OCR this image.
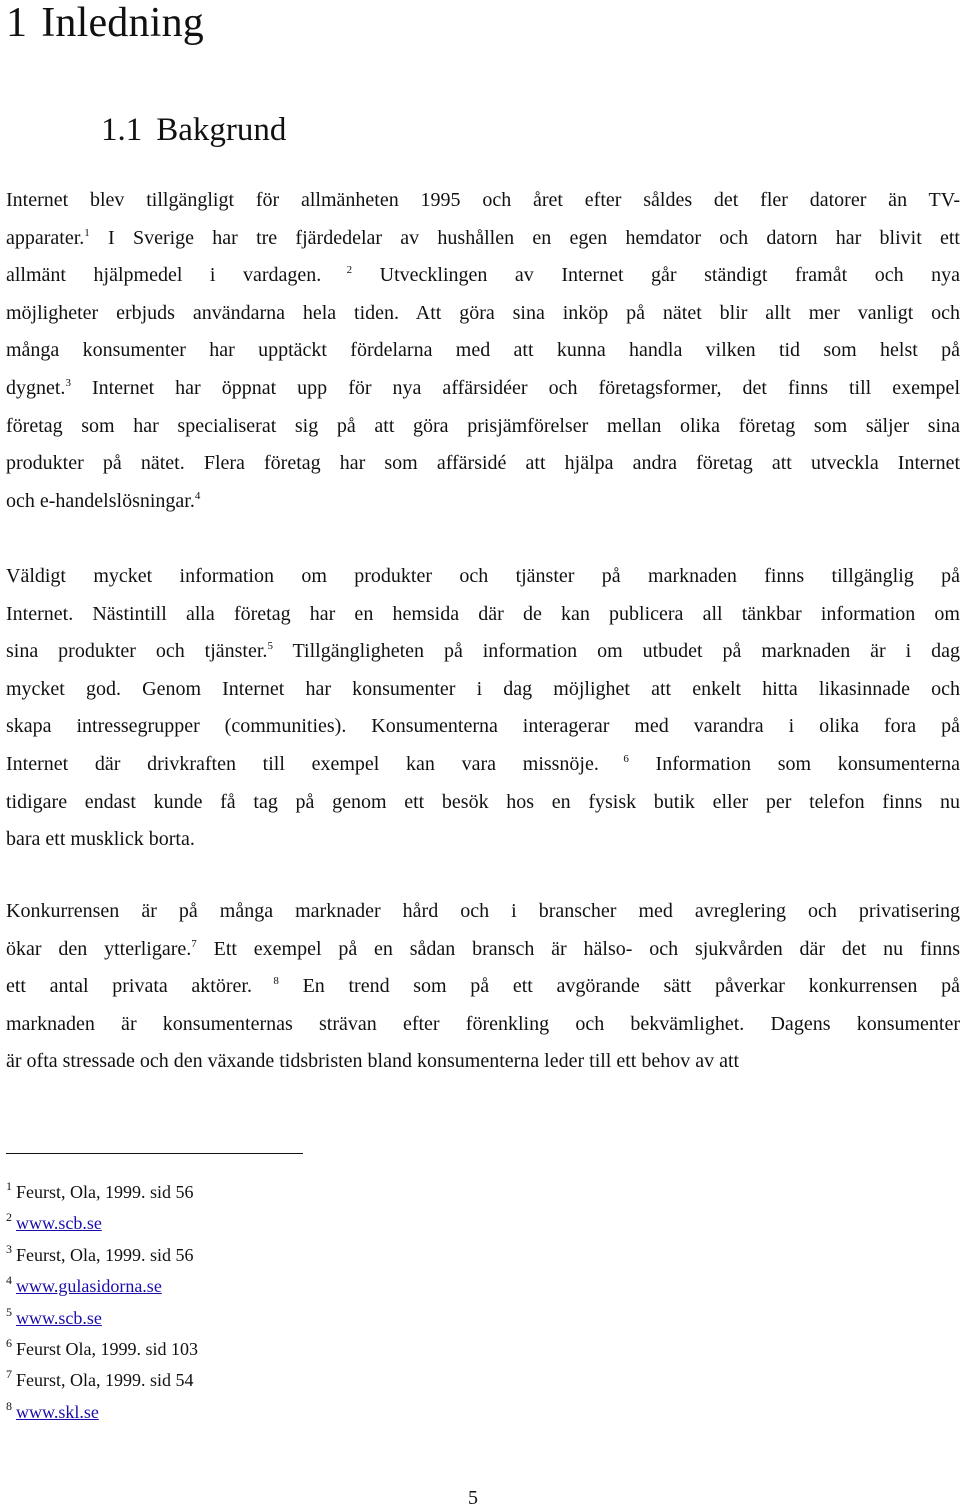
1 Inledning
1.1 Bakgrund
Internet blev tillgängligt för allmänheten 1995 och året efter såldes det fler datorer än TV-
apparater.$^1$ I Sverige har tre fjärdedelar av hushållen en egen hemdator och datorn har blivit ett
allmänt hjälpmedel i vardagen. $^2$ Utvecklingen av Internet går ständigt framåt och nya
möjligheter erbjuds användarna hela tiden. Att göra sina inköp på nätet blir allt mer vanligt och
många konsumenter har upptäckt fördelarna med att kunna handla vilken tid som helst på
dygnet.$^3$ Internet har öppnat upp för nya affärsidéer och företagsformer, det finns till exempel
företag som har specialiserat sig på att göra prisjämförelser mellan olika företag som säljer sina
produkter på nätet. Flera företag har som affärsidé att hjälpa andra företag att utveckla Internet
och e-handelslösningar.$^4$
Väldigt mycket information om produkter och tjänster på marknaden finns tillgänglig på
Internet. Nästintill alla företag har en hemsida där de kan publicera all tänkbar information om
sina produkter och tjänster.$^5$ Tillgängligheten på information om utbudet på marknaden är i dag
mycket god. Genom Internet har konsumenter i dag möjlighet att enkelt hitta likasinnade och
skapa intressegrupper (communities). Konsumenterna interagerar med varandra i olika fora på
Internet där drivkraften till exempel kan vara missnöje. $^6$ Information som konsumenterna
tidigare endast kunde få tag på genom ett besök hos en fysisk butik eller per telefon finns nu
bara ett musklick borta.
Konkurrensen är på många marknader hård och i branscher med avreglering och privatisering
ökar den ytterligare.$^7$ Ett exempel på en sådan bransch är hälso- och sjukvården där det nu finns
ett antal privata aktörer. $^8$ En trend som på ett avgörande sätt påverkar konkurrensen på
marknaden är konsumenternas strävan efter förenkling och bekvämlighet. Dagens konsumenter
är ofta stressade och den växande tidsbristen bland konsumenterna leder till ett behov av att
$^1$ Feurst, Ola, 1999. sid 56
$^2$ www.scb.se
$^3$ Feurst, Ola, 1999. sid 56
$^4$ www.gulasidorna.se
$^5$ www.scb.se
$^6$ Feurst Ola, 1999. sid 103
$^7$ Feurst, Ola, 1999. sid 54
$^8$ www.skl.se
5
